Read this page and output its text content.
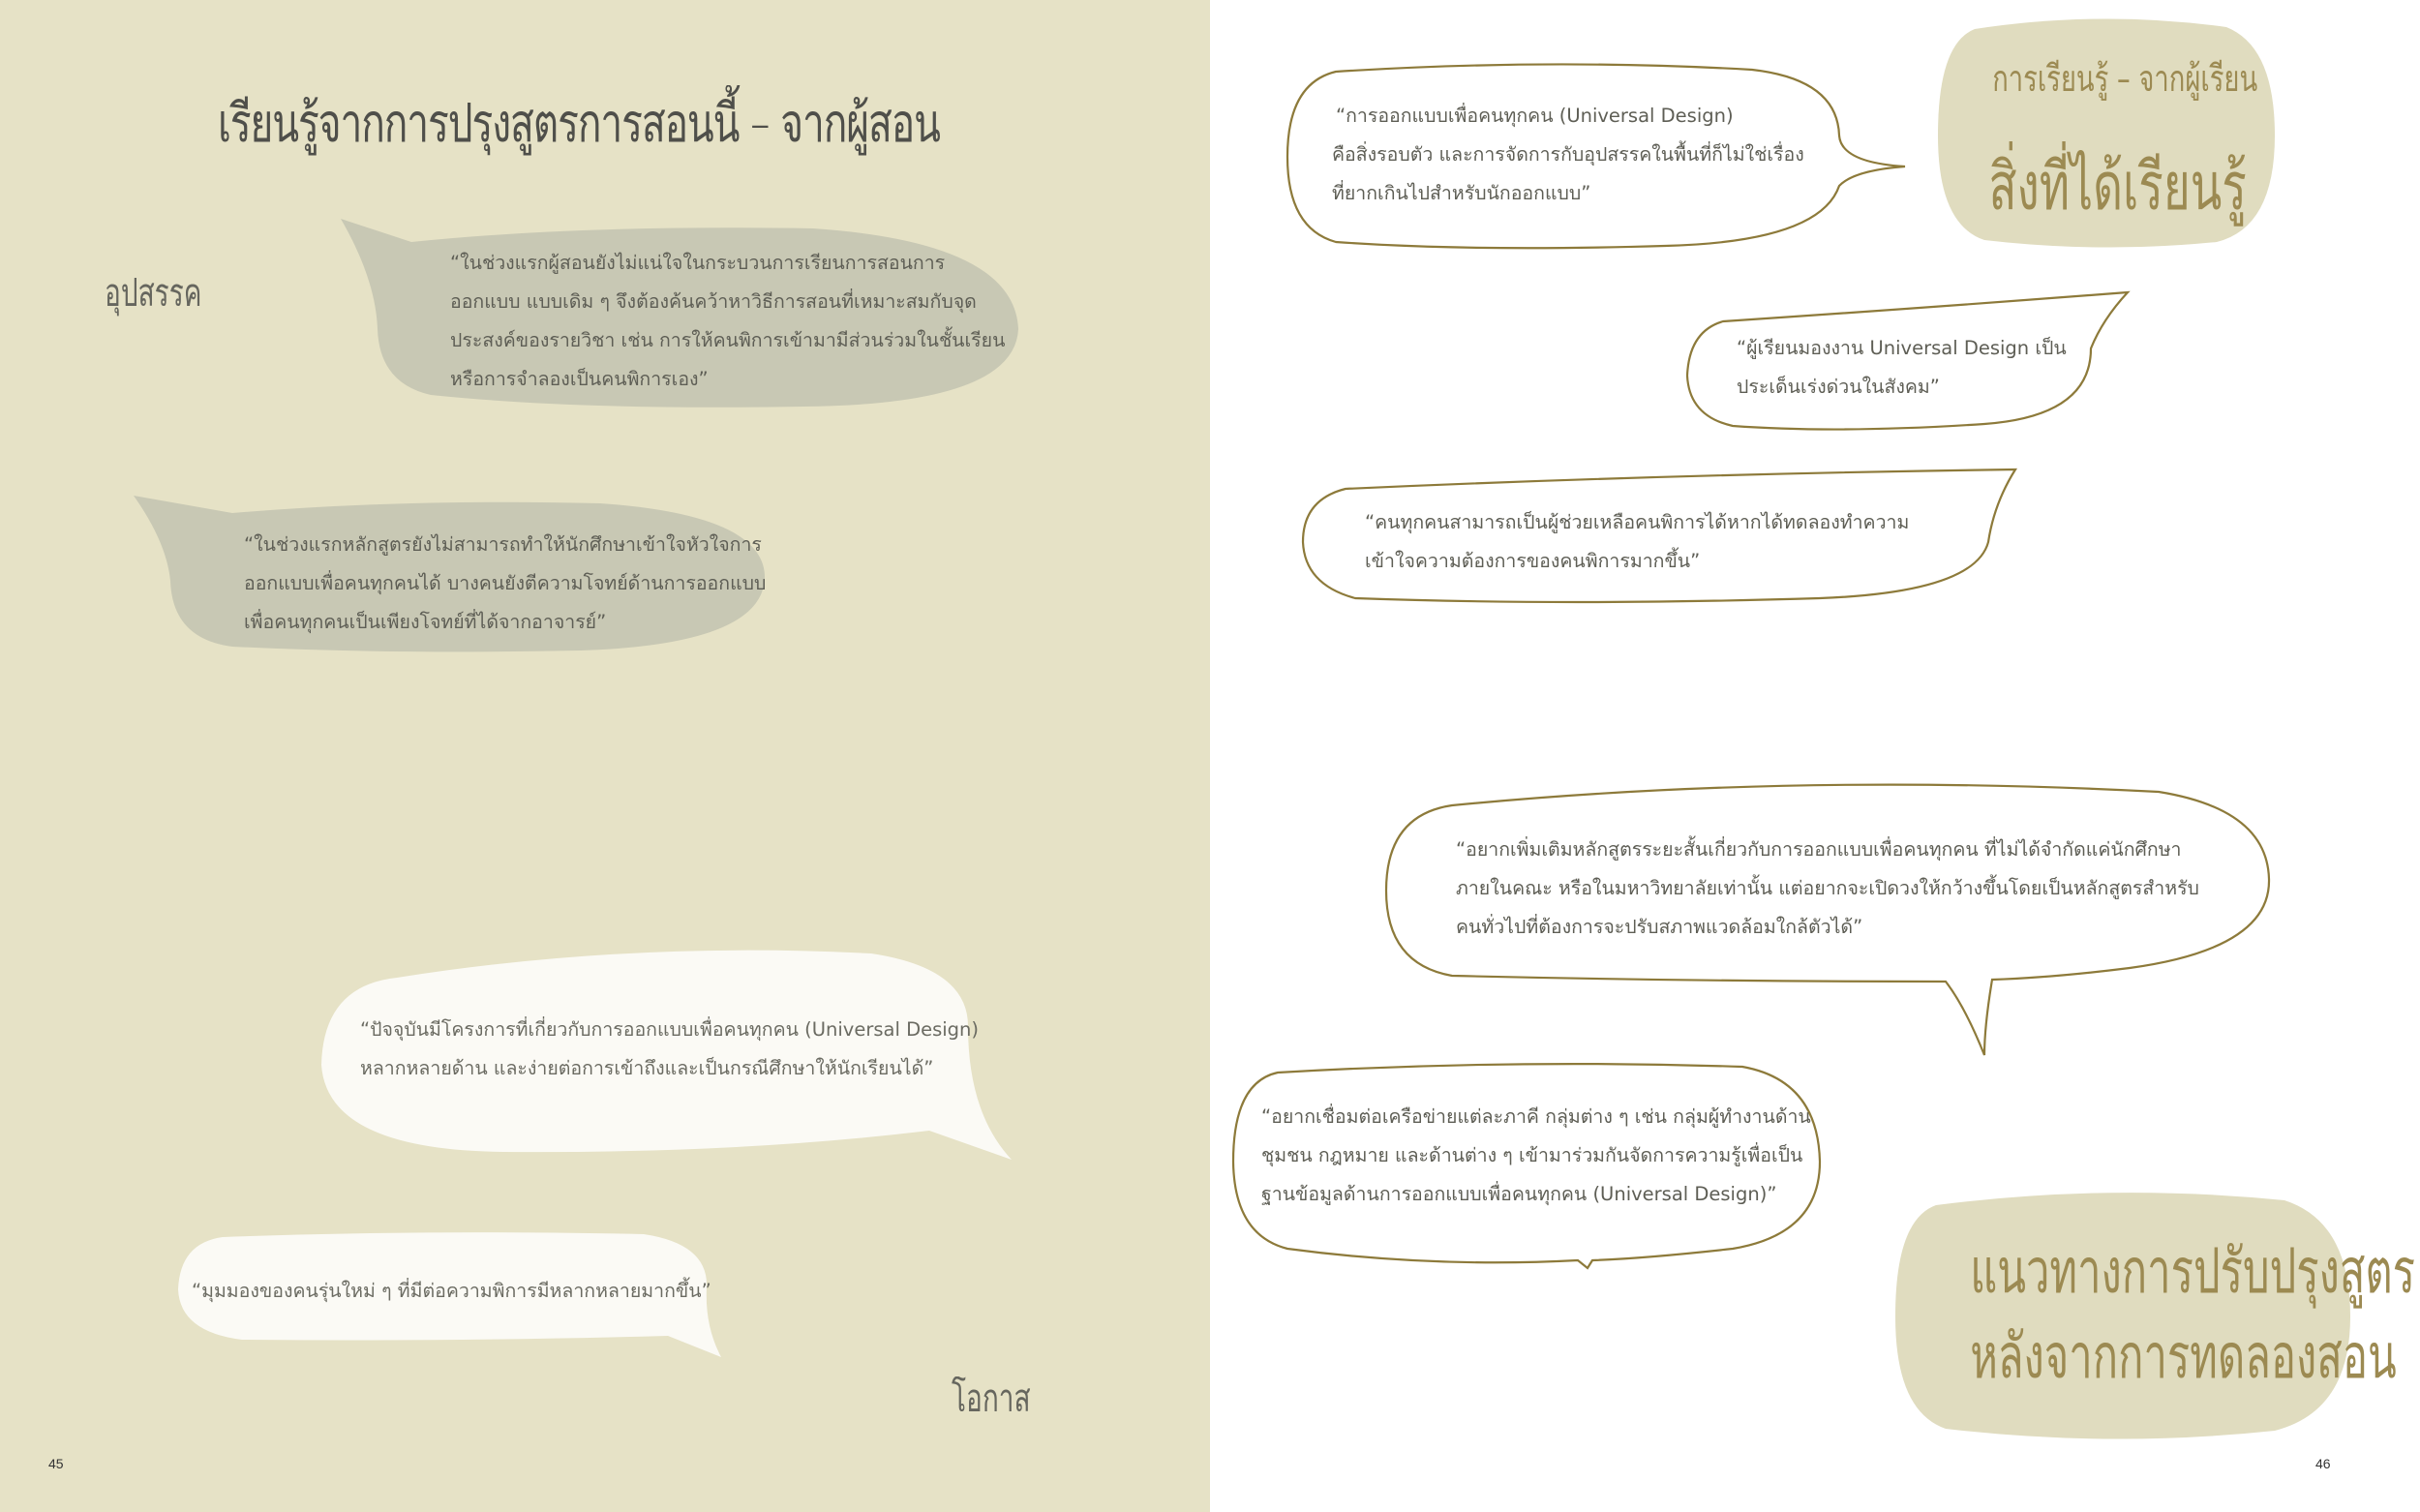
เรียนรู้จากการปรุงสูตรการสอนนี้ – จากผู้สอน

อุปสรรค

โอกาส

“ในช่วงแรกผู้สอนยังไม่แน่ใจในกระบวนการเรียนการสอนการ

ออกแบบ แบบเดิม ๆ จึงต้องค้นคว้าหาวิธีการสอนที่เหมาะสมกับจุด

ประสงค์ของรายวิชา เช่น การให้คนพิการเข้ามามีส่วนร่วมในชั้นเรียน

หรือการจำลองเป็นคนพิการเอง”

“ในช่วงแรกหลักสูตรยังไม่สามารถทำให้นักศึกษาเข้าใจหัวใจการ

ออกแบบเพื่อคนทุกคนได้ บางคนยังตีความโจทย์ด้านการออกแบบ

เพื่อคนทุกคนเป็นเพียงโจทย์ที่ได้จากอาจารย์”

“ปัจจุบันมีโครงการที่เกี่ยวกับการออกแบบเพื่อคนทุกคน (Universal Design)

หลากหลายด้าน และง่ายต่อการเข้าถึงและเป็นกรณีศึกษาให้นักเรียนได้”

“มุมมองของคนรุ่นใหม่ ๆ ที่มีต่อความพิการมีหลากหลายมากขึ้น”

45

การเรียนรู้ – จากผู้เรียน

สิ่งที่ได้เรียนรู้

แนวทางการปรับปรุงสูตร

หลังจากการทดลองสอน

“การออกแบบเพื่อคนทุกคน (Universal Design)

คือสิ่งรอบตัว และการจัดการกับอุปสรรคในพื้นที่ก็ไม่ใช่เรื่อง

ที่ยากเกินไปสำหรับนักออกแบบ”

“ผู้เรียนมองงาน Universal Design เป็น

ประเด็นเร่งด่วนในสังคม”

“คนทุกคนสามารถเป็นผู้ช่วยเหลือคนพิการได้หากได้ทดลองทำความ

เข้าใจความต้องการของคนพิการมากขึ้น”

“อยากเพิ่มเติมหลักสูตรระยะสั้นเกี่ยวกับการออกแบบเพื่อคนทุกคน ที่ไม่ได้จำกัดแค่นักศึกษา

ภายในคณะ หรือในมหาวิทยาลัยเท่านั้น แต่อยากจะเปิดวงให้กว้างขึ้นโดยเป็นหลักสูตรสำหรับ

คนทั่วไปที่ต้องการจะปรับสภาพแวดล้อมใกล้ตัวได้”

“อยากเชื่อมต่อเครือข่ายแต่ละภาคี กลุ่มต่าง ๆ เช่น กลุ่มผู้ทำงานด้าน

ชุมชน กฎหมาย และด้านต่าง ๆ เข้ามาร่วมกันจัดการความรู้เพื่อเป็น

ฐานข้อมูลด้านการออกแบบเพื่อคนทุกคน (Universal Design)”

46
